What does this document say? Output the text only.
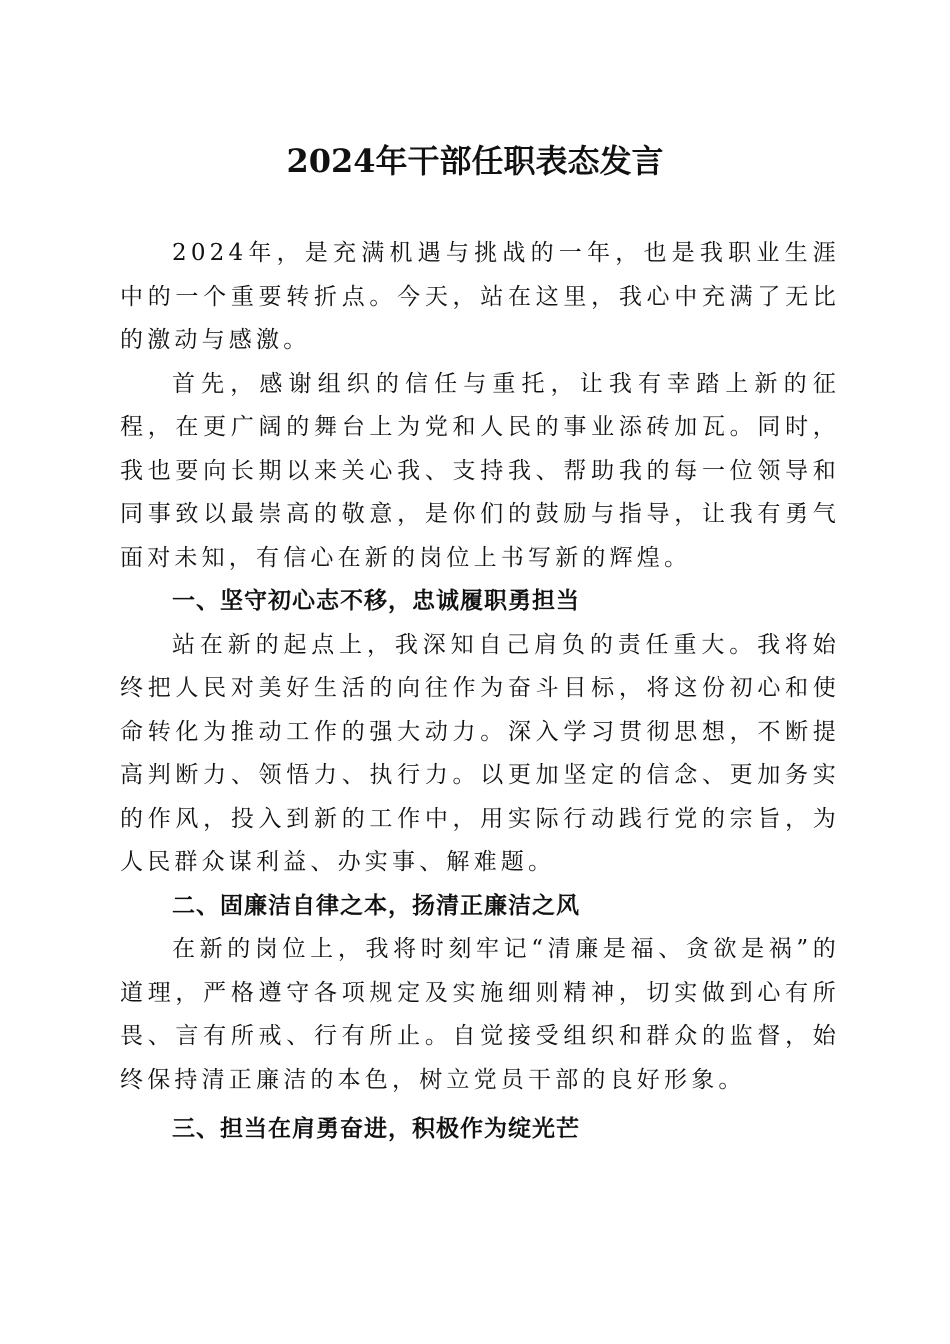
2024年干部任职表态发言

2024年，是充满机遇与挑战的一年，也是我职业生涯中的一个重要转折点。今天，站在这里，我心中充满了无比的激动与感激。

首先，感谢组织的信任与重托，让我有幸踏上新的征程，在更广阔的舞台上为党和人民的事业添砖加瓦。同时，我也要向长期以来关心我、支持我、帮助我的每一位领导和同事致以最崇高的敬意，是你们的鼓励与指导，让我有勇气面对未知，有信心在新的岗位上书写新的辉煌。

一、坚守初心志不移，忠诚履职勇担当

站在新的起点上，我深知自己肩负的责任重大。我将始终把人民对美好生活的向往作为奋斗目标，将这份初心和使命转化为推动工作的强大动力。深入学习贯彻思想，不断提高判断力、领悟力、执行力。以更加坚定的信念、更加务实的作风，投入到新的工作中，用实际行动践行党的宗旨，为人民群众谋利益、办实事、解难题。

二、固廉洁自律之本，扬清正廉洁之风

在新的岗位上，我将时刻牢记“清廉是福、贪欲是祸”的道理，严格遵守各项规定及实施细则精神，切实做到心有所畏、言有所戒、行有所止。自觉接受组织和群众的监督，始终保持清正廉洁的本色，树立党员干部的良好形象。

三、担当在肩勇奋进，积极作为绽光芒
